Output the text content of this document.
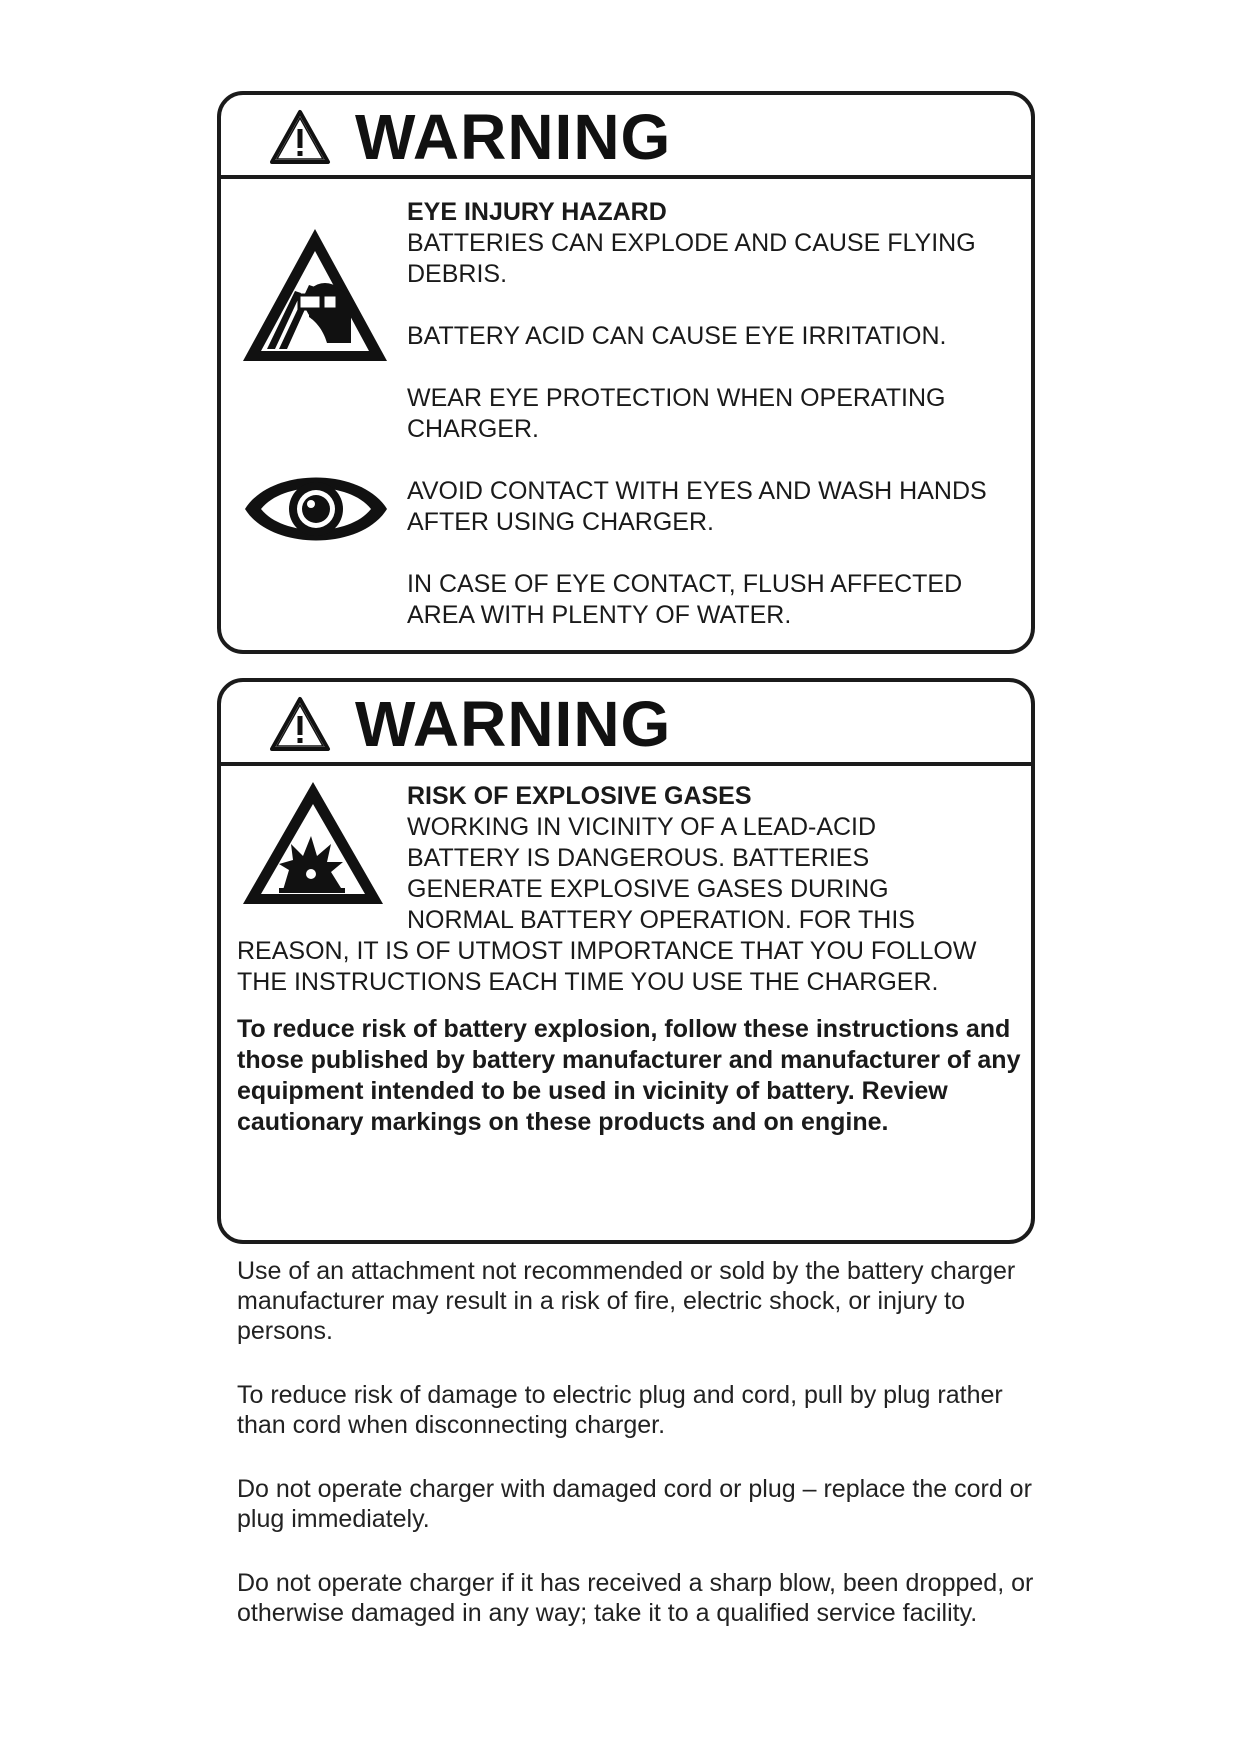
WARNING
EYE INJURY HAZARD

BATTERIES CAN EXPLODE AND CAUSE FLYING DEBRIS.

BATTERY ACID CAN CAUSE EYE IRRITATION.

WEAR EYE PROTECTION WHEN OPERATING CHARGER.

AVOID CONTACT WITH EYES AND WASH HANDS AFTER USING CHARGER.

IN CASE OF EYE CONTACT, FLUSH AFFECTED AREA WITH PLENTY OF WATER.

WARNING
RISK OF EXPLOSIVE GASES
WORKING IN VICINITY OF A LEAD-ACID
BATTERY IS DANGEROUS. BATTERIES
GENERATE EXPLOSIVE GASES DURING
NORMAL BATTERY OPERATION. FOR THIS
REASON, IT IS OF UTMOST IMPORTANCE THAT YOU FOLLOW
THE INSTRUCTIONS EACH TIME YOU USE THE CHARGER.

To reduce risk of battery explosion, follow these instructions and those published by battery manufacturer and manufacturer of any equipment intended to be used in vicinity of battery. Review cautionary markings on these products and on engine.

Use of an attachment not recommended or sold by the battery charger manufacturer may result in a risk of fire, electric shock, or injury to persons.

To reduce risk of damage to electric plug and cord, pull by plug rather than cord when disconnecting charger.

Do not operate charger with damaged cord or plug – replace the cord or plug immediately.

Do not operate charger if it has received a sharp blow, been dropped, or otherwise damaged in any way; take it to a qualified service facility.
